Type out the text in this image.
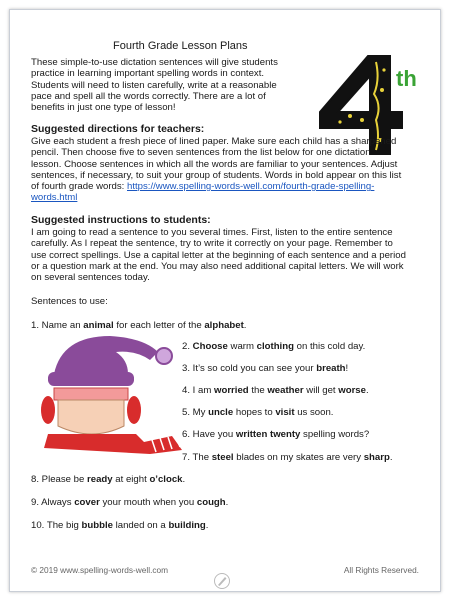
Fourth Grade Lesson Plans
These simple-to-use dictation sentences will give students practice in learning important spelling words in context. Students will need to listen carefully, write at a reasonable pace and spell all the words correctly. There are a lot of benefits in just one type of lesson!
th
Suggested directions for teachers:
Give each student a fresh piece of lined paper. Make sure each child has a sharpened pencil. Then choose five to seven sentences from the list below for one dictation lesson. Choose sentences in which all the words are familiar to your sentences. Adjust sentences, if necessary, to suit your group of students. Words in bold appear on this list of fourth grade words: https://www.spelling-words-well.com/fourth-grade-spelling-words.html
Suggested instructions to students:
I am going to read a sentence to you several times. First, listen to the entire sentence carefully. As I repeat the sentence, try to write it correctly on your page. Remember to use correct spellings. Use a capital letter at the beginning of each sentence and a period or a question mark at the end. You may also need additional capital letters. We will work on several sentences today.
Sentences to use:
1. Name an animal for each letter of the alphabet.
2. Choose warm clothing on this cold day.
3. It’s so cold you can see your breath!
4. I am worried the weather will get worse.
5. My uncle hopes to visit us soon.
6. Have you written twenty spelling words?
7. The steel blades on my skates are very sharp.
8. Please be ready at eight o’clock.
9. Always cover your mouth when you cough.
10. The big bubble landed on a building.
© 2019 www.spelling-words-well.com	All Rights Reserved.
